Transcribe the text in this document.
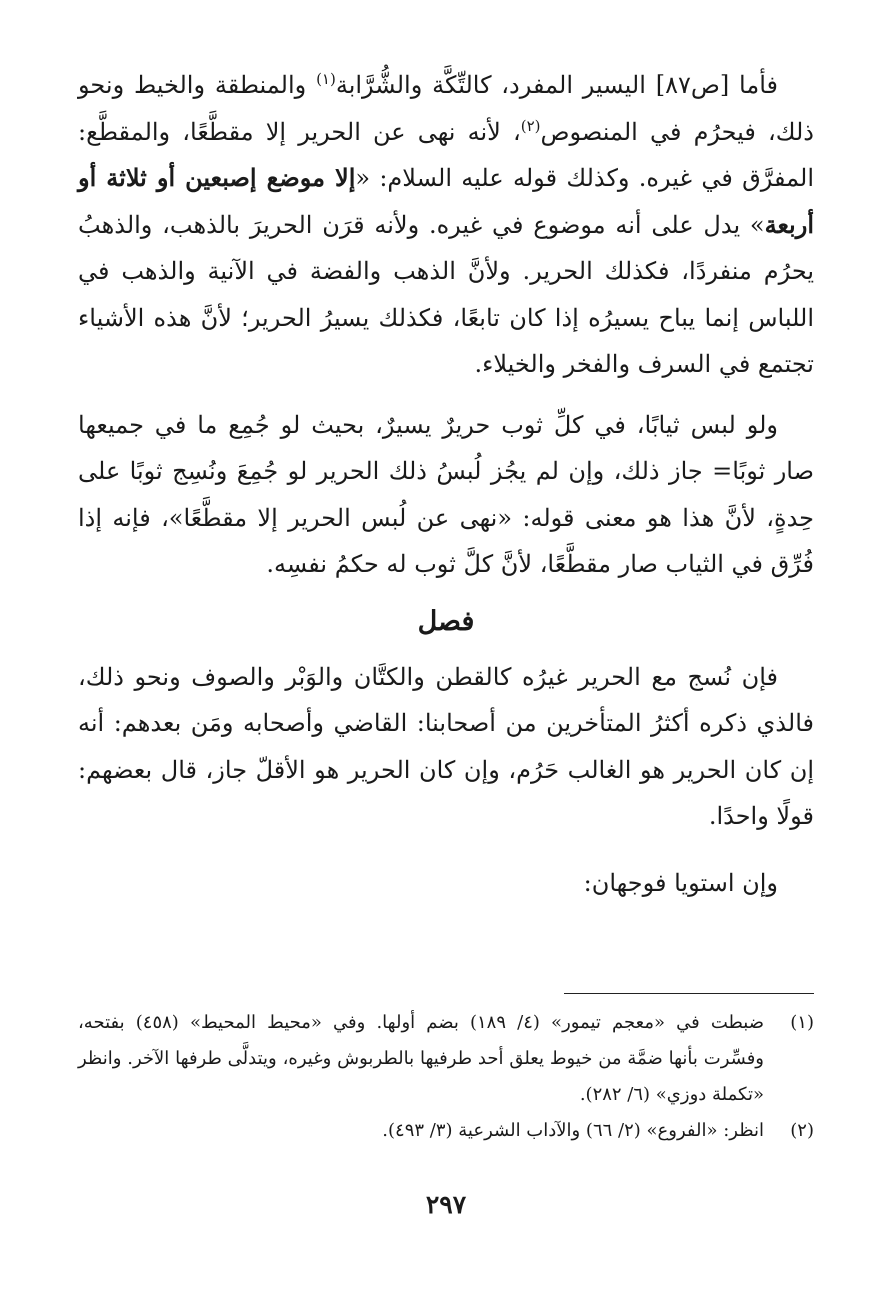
فأما [ص٨٧] اليسير المفرد، كالتِّكَّة والشُّرَّابة$^{(١)}$ والمنطقة والخيط ونحو ذلك، فيحرُم في المنصوص$^{(٢)}$، لأنه نهى عن الحرير إلا مقطَّعًا، والمقطَّع: المفرَّق في غيره. وكذلك قوله عليه السلام: «إلا موضع إصبعين أو ثلاثة أو أربعة» يدل على أنه موضوع في غيره. ولأنه قرَن الحريرَ بالذهب، والذهبُ يحرُم منفردًا، فكذلك الحرير. ولأنَّ الذهب والفضة في الآنية والذهب في اللباس إنما يباح يسيرُه إذا كان تابعًا، فكذلك يسيرُ الحرير؛ لأنَّ هذه الأشياء تجتمع في السرف والفخر والخيلاء.

ولو لبس ثيابًا، في كلِّ ثوب حريرٌ يسيرٌ، بحيث لو جُمِع ما في جميعها صار ثوبًا= جاز ذلك، وإن لم يجُز لُبسُ ذلك الحرير لو جُمِعَ ونُسِج ثوبًا على حِدةٍ، لأنَّ هذا هو معنى قوله: «نهى عن لُبس الحرير إلا مقطَّعًا»، فإنه إذا فُرِّق في الثياب صار مقطَّعًا، لأنَّ كلَّ ثوب له حكمُ نفسِه.

فصل

فإن نُسج مع الحرير غيرُه كالقطن والكتَّان والوَبْر والصوف ونحو ذلك، فالذي ذكره أكثرُ المتأخرين من أصحابنا: القاضي وأصحابه ومَن بعدهم: أنه إن كان الحرير هو الغالب حَرُم، وإن كان الحرير هو الأقلّ جاز، قال بعضهم: قولًا واحدًا.

وإن استويا فوجهان:

(١)
ضبطت في «معجم تيمور» (٤/ ١٨٩) بضم أولها. وفي «محيط المحيط» (٤٥٨) بفتحه، وفسِّرت بأنها ضمَّة من خيوط يعلق أحد طرفيها بالطربوش وغيره، ويتدلَّى طرفها الآخر. وانظر «تكملة دوزي» (٦/ ٢٨٢).
(٢)
انظر: «الفروع» (٢/ ٦٦) والآداب الشرعية (٣/ ٤٩٣).
٢٩٧
